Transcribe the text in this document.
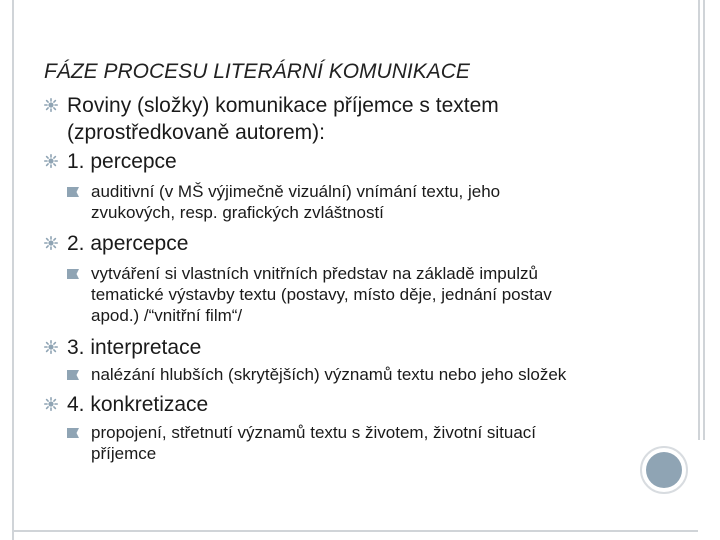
FÁZE PROCESU LITERÁRNÍ KOMUNIKACE
Roviny (složky) komunikace příjemce s textem
(zprostředkovaně autorem):
1. percepce
auditivní (v MŠ výjimečně vizuální) vnímání textu, jeho
zvukových, resp. grafických zvláštností
2. apercepce
vytváření si vlastních vnitřních představ na základě impulzů
tematické výstavby textu (postavy, místo děje, jednání postav
apod.) /“vnitřní film“/
3. interpretace
nalézání hlubších (skrytějších) významů textu nebo jeho složek
4. konkretizace
propojení, střetnutí významů textu s životem, životní situací
příjemce
